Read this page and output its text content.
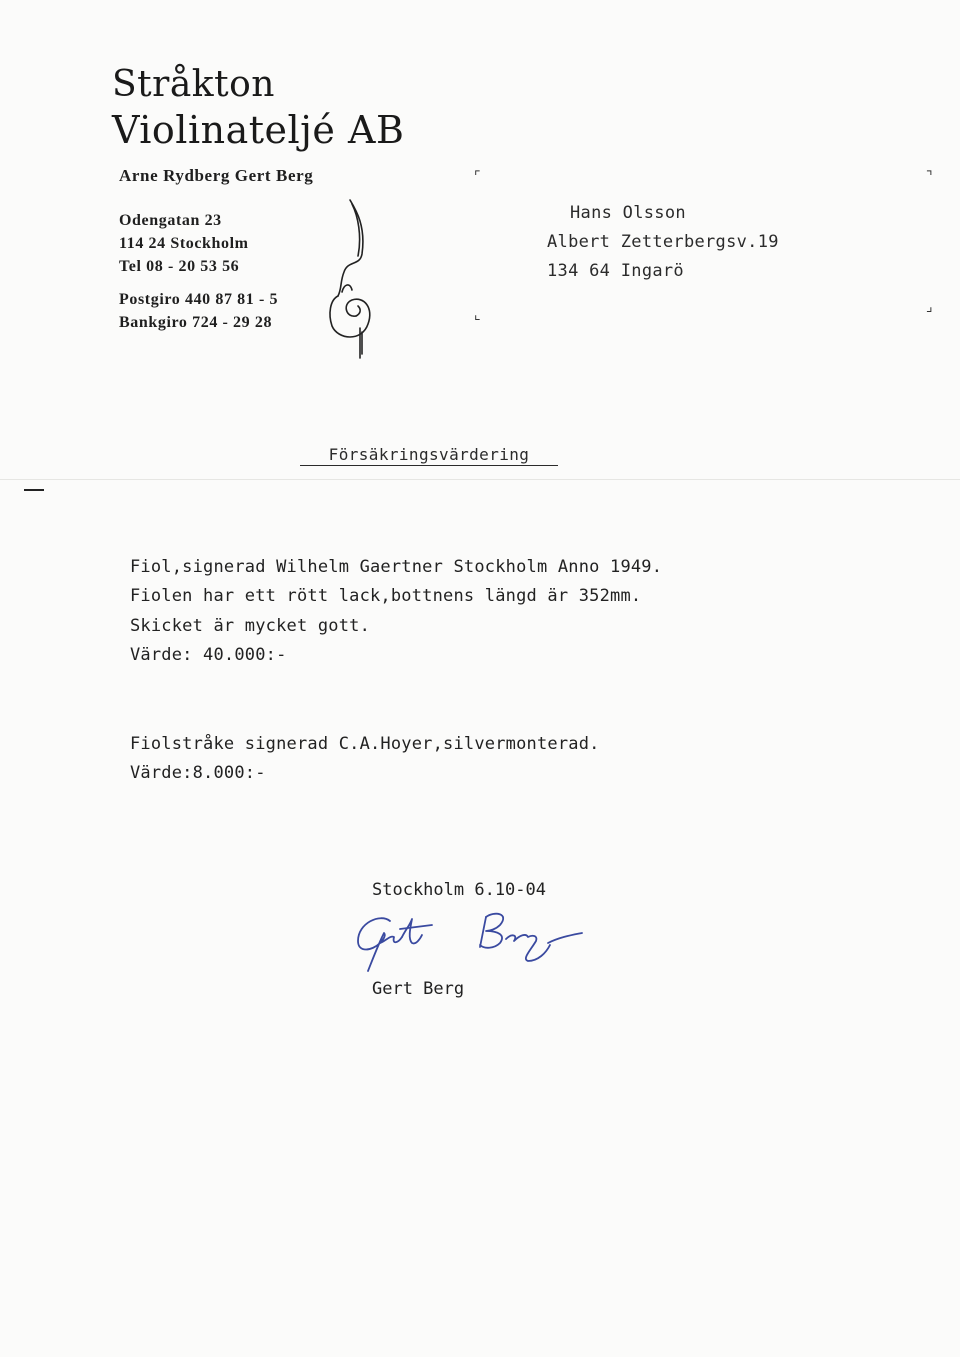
Stråkton

Violinateljé AB

Arne Rydberg Gert Berg

Odengatan 23

114 24 Stockholm

Tel 08 - 20 53 56

Postgiro 440 87 81 - 5

Bankgiro 724 - 29 28

⌜	⌝
⌞	⌟

Hans Olsson

Albert Zetterbergsv.19

134 64 Ingarö

Försäkringsvärdering

Fiol,signerad Wilhelm Gaertner Stockholm Anno 1949.

Fiolen har ett rött lack,bottnens längd är 352mm.

Skicket är mycket gott.

Värde: 40.000:-

Fiolstråke signerad C.A.Hoyer,silvermonterad.

Värde:8.000:-

Stockholm 6.10-04

Gert Berg
